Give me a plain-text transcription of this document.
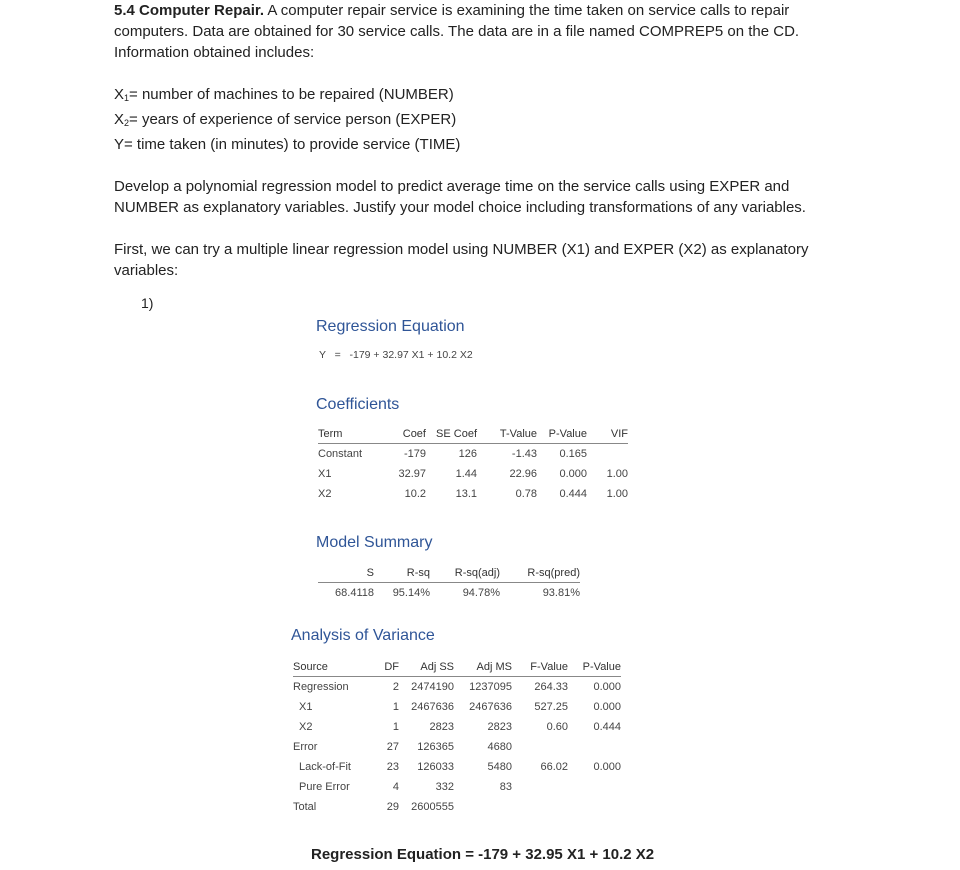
5.4 Computer Repair. A computer repair service is examining the time taken on service calls to repair computers. Data are obtained for 30 service calls. The data are in a file named COMPREP5 on the CD. Information obtained includes:

$X_1=$ number of machines to be repaired (NUMBER)

$X_2=$ years of experience of service person (EXPER)

Y= time taken (in minutes) to provide service (TIME)

Develop a polynomial regression model to predict average time on the service calls using EXPER and NUMBER as explanatory variables. Justify your model choice including transformations of any variables.

First, we can try a multiple linear regression model using NUMBER (X1) and EXPER (X2) as explanatory variables:

1)
Regression Equation
Y = -179 + 32.97 X1 + 10.2 X2
Coefficients
Term	Coef	SE Coef	T-Value	P-Value	VIF
Constant	-179	126	-1.43	0.165	
X1	32.97	1.44	22.96	0.000	1.00
X2	10.2	13.1	0.78	0.444	1.00
Model Summary
S	R-sq	R-sq(adj)	R-sq(pred)
68.4118	95.14%	94.78%	93.81%
Analysis of Variance
Source	DF	Adj SS	Adj MS	F-Value	P-Value
Regression	2	2474190	1237095	264.33	0.000
X1	1	2467636	2467636	527.25	0.000
X2	1	2823	2823	0.60	0.444
Error	27	126365	4680		
Lack-of-Fit	23	126033	5480	66.02	0.000
Pure Error	4	332	83		
Total	29	2600555			
Regression Equation = -179 + 32.95 X1 + 10.2 X2
